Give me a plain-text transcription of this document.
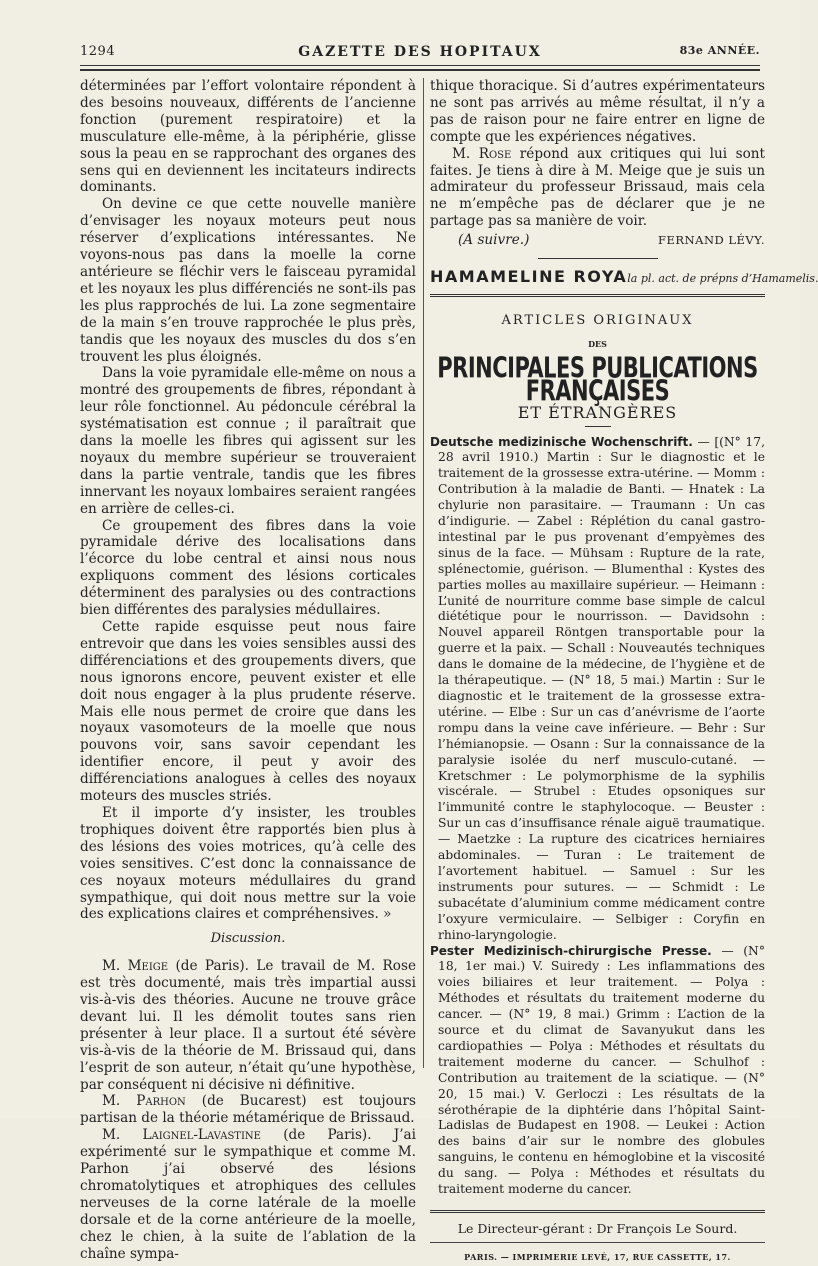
1294	GAZETTE DES HOPITAUX	83e ANNÉE.

déterminées par l’effort volontaire répondent à des besoins nouveaux, différents de l’ancienne fonction (purement respiratoire) et la musculature elle-même, à la périphérie, glisse sous la peau en se rapprochant des organes des sens qui en deviennent les incitateurs indirects dominants.

On devine ce que cette nouvelle manière d’envisager les noyaux moteurs peut nous réserver d’explications intéressantes. Ne voyons-nous pas dans la moelle la corne antérieure se fléchir vers le faisceau pyramidal et les noyaux les plus différenciés ne sont-ils pas les plus rapprochés de lui. La zone segmentaire de la main s’en trouve rapprochée le plus près, tandis que les noyaux des muscles du dos s’en trouvent les plus éloignés.

Dans la voie pyramidale elle-même on nous a montré des groupements de fibres, répondant à leur rôle fonctionnel. Au pédoncule cérébral la systématisation est connue ; il paraîtrait que dans la moelle les fibres qui agissent sur les noyaux du membre supérieur se trouveraient dans la partie ventrale, tandis que les fibres innervant les noyaux lombaires seraient rangées en arrière de celles-ci.

Ce groupement des fibres dans la voie pyramidale dérive des localisations dans l’écorce du lobe central et ainsi nous nous expliquons comment des lésions corticales déterminent des paralysies ou des contractions bien différentes des paralysies médullaires.

Cette rapide esquisse peut nous faire entrevoir que dans les voies sensibles aussi des différenciations et des groupements divers, que nous ignorons encore, peuvent exister et elle doit nous engager à la plus prudente réserve. Mais elle nous permet de croire que dans les noyaux vasomoteurs de la moelle que nous pouvons voir, sans savoir cependant les identifier encore, il peut y avoir des différenciations analogues à celles des noyaux moteurs des muscles striés.

Et il importe d’y insister, les troubles trophiques doivent être rapportés bien plus à des lésions des voies motrices, qu’à celle des voies sensitives. C’est donc la connaissance de ces noyaux moteurs médullaires du grand sympathique, qui doit nous mettre sur la voie des explications claires et compréhensives. »

Discussion.

M. Meige (de Paris). Le travail de M. Rose est très documenté, mais très impartial aussi vis-à-vis des théories. Aucune ne trouve grâce devant lui. Il les démolit toutes sans rien présenter à leur place. Il a surtout été sévère vis-à-vis de la théorie de M. Brissaud qui, dans l’esprit de son auteur, n’était qu’une hypothèse, par conséquent ni décisive ni définitive.

M. Parhon (de Bucarest) est toujours partisan de la théorie métamérique de Brissaud.

M. Laignel-Lavastine (de Paris). J’ai expérimenté sur le sympathique et comme M. Parhon j’ai observé des lésions chromatolytiques et atrophiques des cellules nerveuses de la corne latérale de la moelle dorsale et de la corne antérieure de la moelle, chez le chien, à la suite de l’ablation de la chaîne sympa-

thique thoracique. Si d’autres expérimentateurs ne sont pas arrivés au même résultat, il n’y a pas de raison pour ne faire entrer en ligne de compte que les expériences négatives.

M. Rose répond aux critiques qui lui sont faites. Je tiens à dire à M. Meige que je suis un admirateur du professeur Brissaud, mais cela ne m’empêche pas de déclarer que je ne partage pas sa manière de voir.

(A suivre.)	FERNAND LÉVY.
HAMAMELINE ROYAla pl. act. de prépns d’Hamamelis.
ARTICLES ORIGINAUX
DES
PRINCIPALES PUBLICATIONS FRANÇAISES
ET ÉTRANGÈRES

Deutsche medizinische Wochenschrift. — [(N° 17, 28 avril 1910.) Martin : Sur le diagnostic et le traitement de la grossesse extra-utérine. — Momm : Contribution à la maladie de Banti. — Hnatek : La chylurie non parasitaire. — Traumann : Un cas d’indigurie. — Zabel : Réplétion du canal gastro-intestinal par le pus provenant d’empyèmes des sinus de la face. — Mühsam : Rupture de la rate, splénectomie, guérison. — Blumenthal : Kystes des parties molles au maxillaire supérieur. — Heimann : L’unité de nourriture comme base simple de calcul diététique pour le nourrisson. — Davidsohn : Nouvel appareil Röntgen transportable pour la guerre et la paix. — Schall : Nouveautés techniques dans le domaine de la médecine, de l’hygiène et de la thérapeutique. — (N° 18, 5 mai.) Martin : Sur le diagnostic et le traitement de la grossesse extra-utérine. — Elbe : Sur un cas d’anévrisme de l’aorte rompu dans la veine cave inférieure. — Behr : Sur l’hémianopsie. — Osann : Sur la connaissance de la paralysie isolée du nerf musculo-cutané. — Kretschmer : Le polymorphisme de la syphilis viscérale. — Strubel : Etudes opsoniques sur l’immunité contre le staphylocoque. — Beuster : Sur un cas d’insuffisance rénale aiguë traumatique. — Maetzke : La rupture des cicatrices herniaires abdominales. — Turan : Le traitement de l’avortement habituel. — Samuel : Sur les instruments pour sutures. — — Schmidt : Le subacétate d’aluminium comme médicament contre l’oxyure vermiculaire. — Selbiger : Coryfin en rhino-laryngologie.

Pester Medizinisch-chirurgische Presse. — (N° 18, 1er mai.) V. Suiredy : Les inflammations des voies biliaires et leur traitement. — Polya : Méthodes et résultats du traitement moderne du cancer. — (N° 19, 8 mai.) Grimm : L’action de la source et du climat de Savanyukut dans les cardiopathies — Polya : Méthodes et résultats du traitement moderne du cancer. — Schulhof : Contribution au traitement de la sciatique. — (N° 20, 15 mai.) V. Gerloczi : Les résultats de la sérothérapie de la diphtérie dans l’hôpital Saint-Ladislas de Budapest en 1908. — Leukei : Action des bains d’air sur le nombre des globules sanguins, le contenu en hémoglobine et la viscosité du sang. — Polya : Méthodes et résultats du traitement moderne du cancer.

Le Directeur-gérant : Dr François Le Sourd.
PARIS. — IMPRIMERIE LEVÉ, 17, RUE CASSETTE, 17.
